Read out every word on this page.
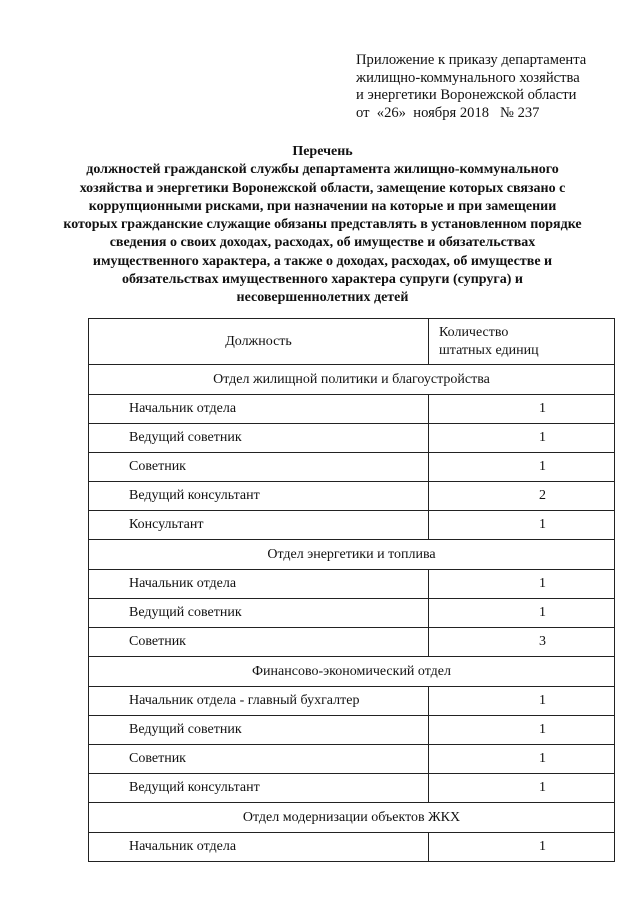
Приложение к приказу департамента
жилищно-коммунального хозяйства
и энергетики Воронежской области
от  «26»  ноября 2018   № 237
Перечень
должностей гражданской службы департамента жилищно-коммунального хозяйства и энергетики Воронежской области, замещение которых связано с коррупционными рисками, при назначении на которые и при замещении которых гражданские служащие обязаны представлять в установленном порядке сведения о своих доходах, расходах, об имуществе и обязательствах имущественного характера, а также о доходах, расходах, об имуществе и обязательствах имущественного характера супруги (супруга) и несовершеннолетних детей
Должность	Количество
штатных единиц

Отдел жилищной политики и благоустройства	
Начальник отдела	1
Ведущий советник	1
Советник	1
Ведущий консультант	2
Консультант	1
Отдел энергетики и топлива	
Начальник отдела	1
Ведущий советник	1
Советник	3
Финансово-экономический отдел	
Начальник отдела - главный бухгалтер	1
Ведущий советник	1
Советник	1
Ведущий консультант	1
Отдел модернизации объектов ЖКХ	
Начальник отдела	1
